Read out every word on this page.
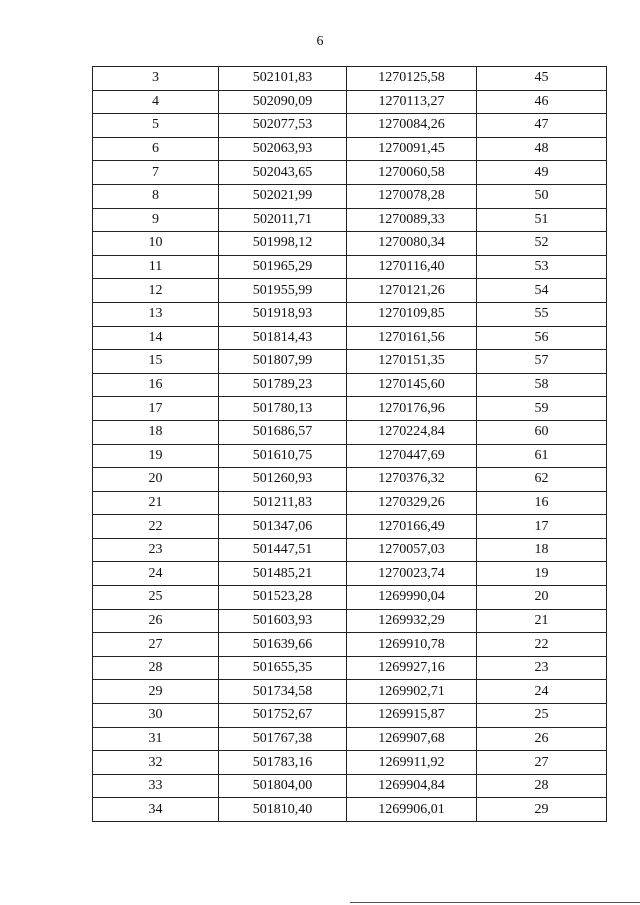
6
3	502101,83	1270125,58	45
4	502090,09	1270113,27	46
5	502077,53	1270084,26	47
6	502063,93	1270091,45	48
7	502043,65	1270060,58	49
8	502021,99	1270078,28	50
9	502011,71	1270089,33	51
10	501998,12	1270080,34	52
11	501965,29	1270116,40	53
12	501955,99	1270121,26	54
13	501918,93	1270109,85	55
14	501814,43	1270161,56	56
15	501807,99	1270151,35	57
16	501789,23	1270145,60	58
17	501780,13	1270176,96	59
18	501686,57	1270224,84	60
19	501610,75	1270447,69	61
20	501260,93	1270376,32	62
21	501211,83	1270329,26	16
22	501347,06	1270166,49	17
23	501447,51	1270057,03	18
24	501485,21	1270023,74	19
25	501523,28	1269990,04	20
26	501603,93	1269932,29	21
27	501639,66	1269910,78	22
28	501655,35	1269927,16	23
29	501734,58	1269902,71	24
30	501752,67	1269915,87	25
31	501767,38	1269907,68	26
32	501783,16	1269911,92	27
33	501804,00	1269904,84	28
34	501810,40	1269906,01	29
